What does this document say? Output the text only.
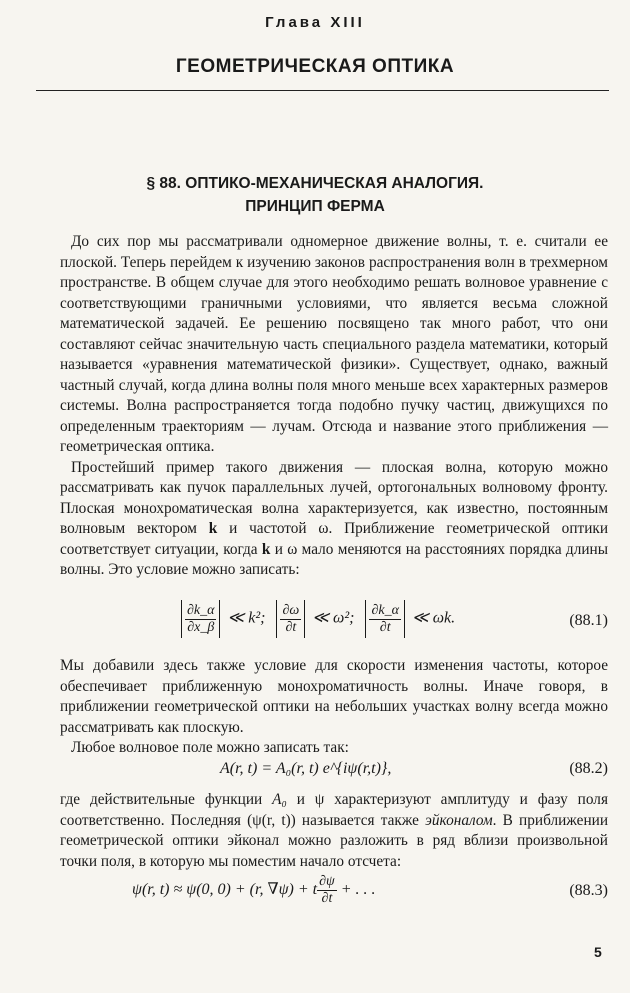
Глава XIII
ГЕОМЕТРИЧЕСКАЯ ОПТИКА
§ 88. ОПТИКО-МЕХАНИЧЕСКАЯ АНАЛОГИЯ.
ПРИНЦИП ФЕРМА

До сих пор мы рассматривали одномерное движение волны, т. е. считали ее плоской. Теперь перейдем к изучению законов распространения волн в трехмерном пространстве. В общем случае для этого необходимо решать волновое уравнение с соответствующими граничными условиями, что является весьма сложной математической задачей. Ее решению посвящено так много работ, что они составляют сейчас значительную часть специального раздела математики, который называется «уравнения математической физики». Существует, однако, важный частный случай, когда длина волны поля много меньше всех характерных размеров системы. Волна распространяется тогда подобно пучку частиц, движущихся по определенным траекториям — лучам. Отсюда и название этого приближения — геометрическая оптика.

Простейший пример такого движения — плоская волна, которую можно рассматривать как пучок параллельных лучей, ортогональных волновому фронту. Плоская монохроматическая волна характеризуется, как известно, постоянным волновым вектором k и частотой ω. Приближение геометрической оптики соответствует ситуации, когда k и ω мало меняются на расстояниях порядка длины волны. Это условие можно записать:

$\frac{\partial k\_\alpha}{\partial x\_\beta}$ ≪ k²; $\frac{\partial\omega}{\partial t}$ ≪ ω²; $\frac{\partial k\_\alpha}{\partial t}$ ≪ ωk.	(88.1)

Мы добавили здесь также условие для скорости изменения частоты, которое обеспечивает приближенную монохроматичность волны. Иначе говоря, в приближении геометрической оптики на небольших участках волну всегда можно рассматривать как плоскую.

Любое волновое поле можно записать так:

A(r, t) = A₀(r, t) e^{iψ(r,t)},	(88.2)

где действительные функции A₀ и ψ характеризуют амплитуду и фазу поля соответственно. Последняя (ψ(r, t)) называется также эйконалом. В приближении геометрической оптики эйконал можно разложить в ряд вблизи произвольной точки поля, в которую мы поместим начало отсчета:

ψ(r, t) ≈ ψ(0, 0) + (r, ∇ψ) + t $\frac{\partial\psi}{\partial t}$ + . . .	(88.3)
5
